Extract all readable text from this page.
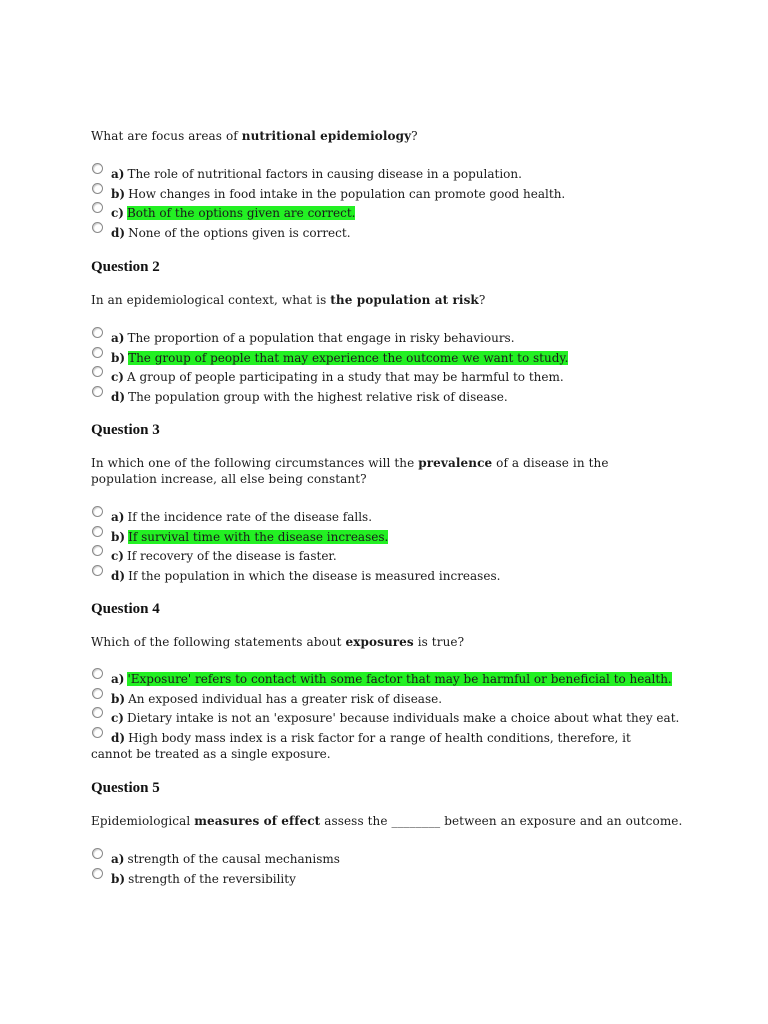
What are focus areas of nutritional epidemiology?

a) The role of nutritional factors in causing disease in a population.
b) How changes in food intake in the population can promote good health.
c) Both of the options given are correct.
d) None of the options given is correct.
Question 2

In an epidemiological context, what is the population at risk?

a) The proportion of a population that engage in risky behaviours.
b) The group of people that may experience the outcome we want to study.
c) A group of people participating in a study that may be harmful to them.
d) The population group with the highest relative risk of disease.
Question 3

In which one of the following circumstances will the prevalence of a disease in the population increase, all else being constant?

a) If the incidence rate of the disease falls.
b) If survival time with the disease increases.
c) If recovery of the disease is faster.
d) If the population in which the disease is measured increases.
Question 4

Which of the following statements about exposures is true?

a) 'Exposure' refers to contact with some factor that may be harmful or beneficial to health.
b) An exposed individual has a greater risk of disease.
c) Dietary intake is not an 'exposure' because individuals make a choice about what they eat.
d) High body mass index is a risk factor for a range of health conditions, therefore, it cannot be treated as a single exposure.
Question 5

Epidemiological measures of effect assess the ________ between an exposure and an outcome.

a) strength of the causal mechanisms
b) strength of the reversibility
